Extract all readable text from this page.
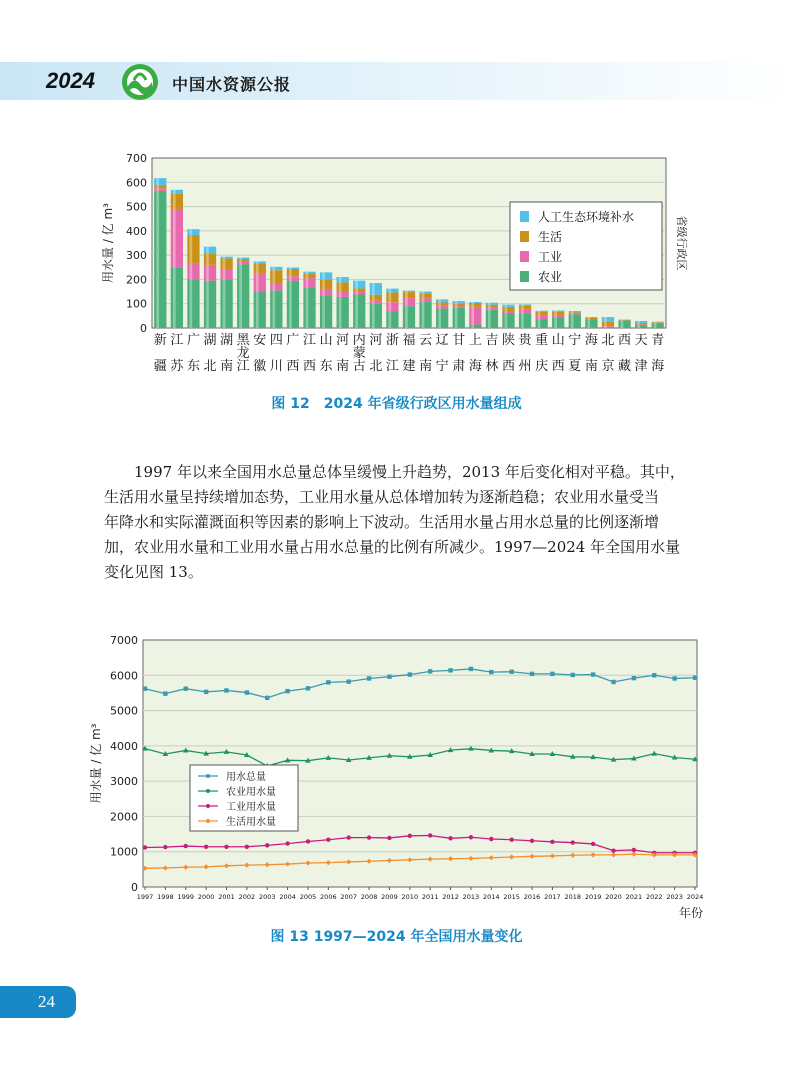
2024	中国水资源公报
0
100
200
300
400
500
600
700
用水量 / 亿 m³	省级行政区
新
疆
江
苏
广
东
湖
北
湖
南
黑
龙
江
安
徽
四
川
广
西
江
西
山
东
河
南
内
蒙
古
河
北
浙
江
福
建
云
南
辽
宁
甘
肃
上
海
吉
林
陕
西
贵
州
重
庆
山
西
宁
夏
海
南
北
京
西
藏
天
津
青
海
人工生态环境补水
生活
工业
农业
图 12　2024 年省级行政区用水量组成
1997 年以来全国用水总量总体呈缓慢上升趋势，2013 年后变化相对平稳。其中，
生活用水量呈持续增加态势，工业用水量从总体增加转为逐渐趋稳；农业用水量受当
年降水和实际灌溉面积等因素的影响上下波动。生活用水量占用水总量的比例逐渐增
加，农业用水量和工业用水量占用水总量的比例有所减少。1997—2024 年全国用水量
变化见图 13。
0
1000
2000
3000
4000
5000
6000
7000
用水量 / 亿 m³
年份
1997 1998 1999 2000 2001 2002 2003 2004 2005 2006 2007 2008 2009 2010 2011 2012 2013 2014 2015 2016 2017 2018 2019 2020 2021 2022 2023 2024
用水总量
农业用水量
工业用水量
生活用水量
图 13 1997—2024 年全国用水量变化
24
